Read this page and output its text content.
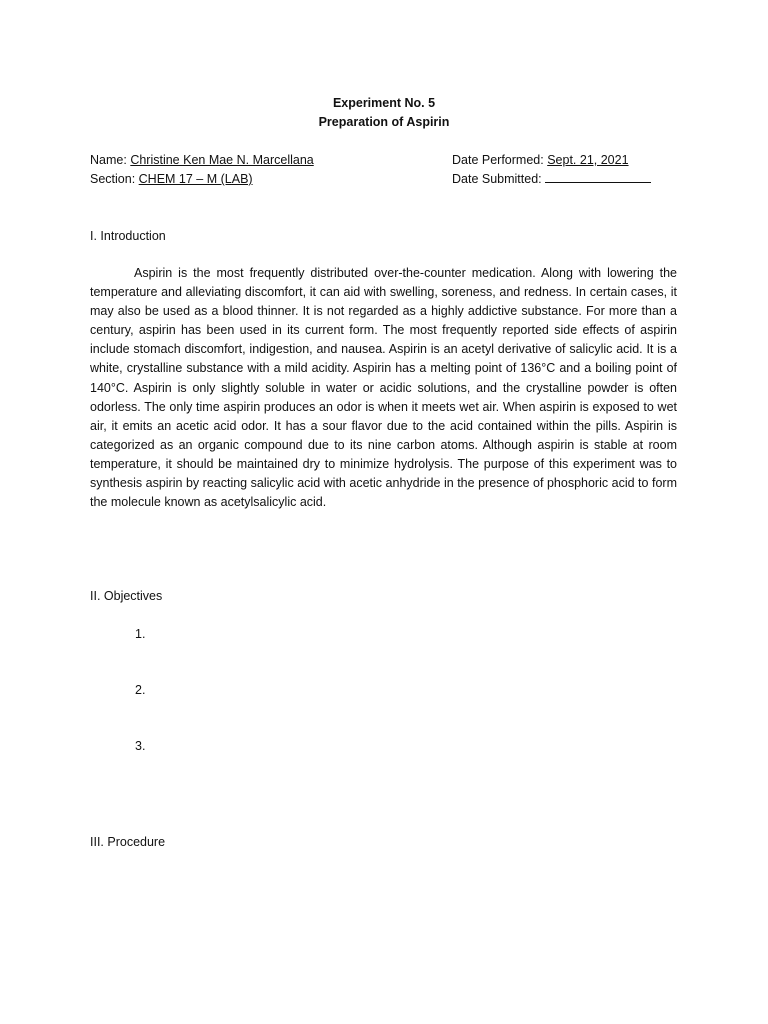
Experiment No. 5
Preparation of Aspirin
Name: Christine Ken Mae N. Marcellana
Section: CHEM 17 – M (LAB)
Date Performed: Sept. 21, 2021
Date Submitted:
I. Introduction

Aspirin is the most frequently distributed over-the-counter medication. Along with lowering the temperature and alleviating discomfort, it can aid with swelling, soreness, and redness. In certain cases, it may also be used as a blood thinner. It is not regarded as a highly addictive substance. For more than a century, aspirin has been used in its current form. The most frequently reported side effects of aspirin include stomach discomfort, indigestion, and nausea. Aspirin is an acetyl derivative of salicylic acid. It is a white, crystalline substance with a mild acidity. Aspirin has a melting point of 136°C and a boiling point of 140°C. Aspirin is only slightly soluble in water or acidic solutions, and the crystalline powder is often odorless. The only time aspirin produces an odor is when it meets wet air. When aspirin is exposed to wet air, it emits an acetic acid odor. It has a sour flavor due to the acid contained within the pills. Aspirin is categorized as an organic compound due to its nine carbon atoms. Although aspirin is stable at room temperature, it should be maintained dry to minimize hydrolysis. The purpose of this experiment was to synthesis aspirin by reacting salicylic acid with acetic anhydride in the presence of phosphoric acid to form the molecule known as acetylsalicylic acid.

II. Objectives
1.
2.
3.
III. Procedure
